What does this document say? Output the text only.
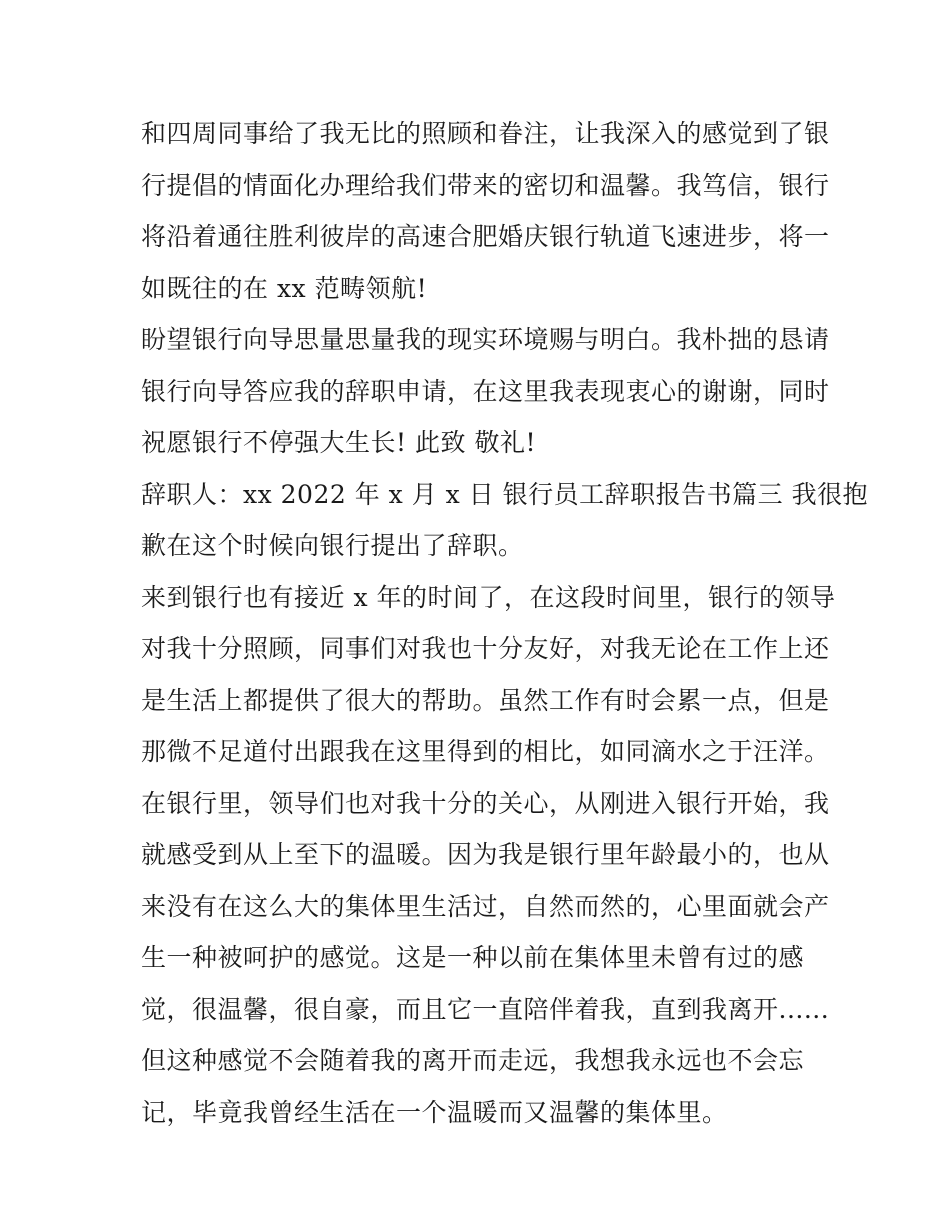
和四周同事给了我无比的照顾和眷注，让我深入的感觉到了银
行提倡的情面化办理给我们带来的密切和温馨。我笃信，银行
将沿着通往胜利彼岸的高速合肥婚庆银行轨道飞速进步，将一
如既往的在 xx 范畴领航!
盼望银行向导思量思量我的现实环境赐与明白。我朴拙的恳请
银行向导答应我的辞职申请，在这里我表现衷心的谢谢，同时
祝愿银行不停强大生长! 此致 敬礼!
辞职人：xx 2022 年 x 月 x 日 银行员工辞职报告书篇三 我很抱
歉在这个时候向银行提出了辞职。
来到银行也有接近 x 年的时间了，在这段时间里，银行的领导
对我十分照顾，同事们对我也十分友好，对我无论在工作上还
是生活上都提供了很大的帮助。虽然工作有时会累一点，但是
那微不足道付出跟我在这里得到的相比，如同滴水之于汪洋。
在银行里，领导们也对我十分的关心，从刚进入银行开始，我
就感受到从上至下的温暖。因为我是银行里年龄最小的，也从
来没有在这么大的集体里生活过，自然而然的，心里面就会产
生一种被呵护的感觉。这是一种以前在集体里未曾有过的感
觉，很温馨，很自豪，而且它一直陪伴着我，直到我离开......
但这种感觉不会随着我的离开而走远，我想我永远也不会忘
记，毕竟我曾经生活在一个温暖而又温馨的集体里。
